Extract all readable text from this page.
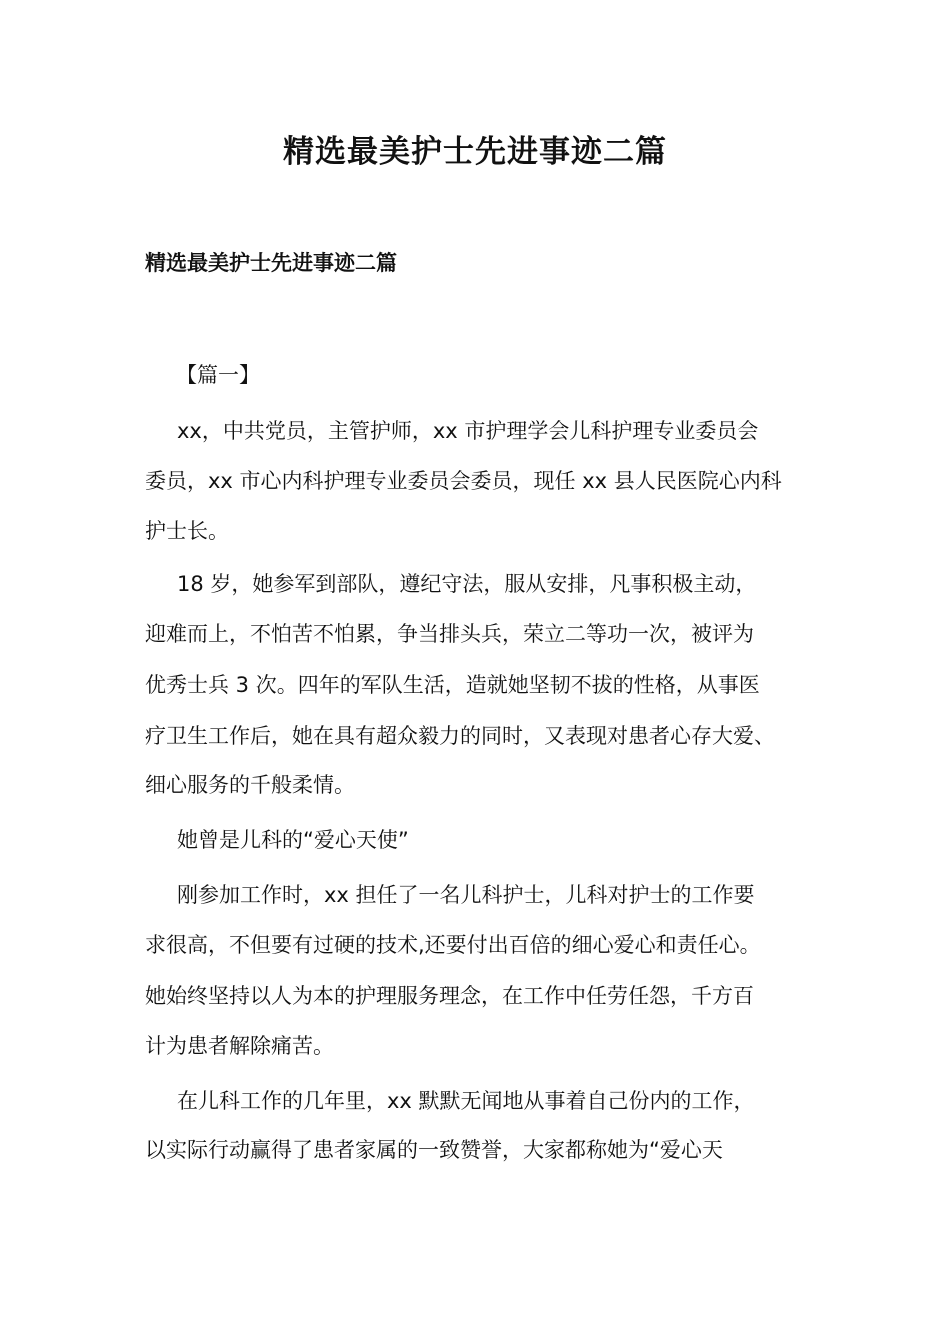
精选最美护士先进事迹二篇
精选最美护士先进事迹二篇

【篇一】

xx，中共党员，主管护师，xx 市护理学会儿科护理专业委员会

委员，xx 市心内科护理专业委员会委员，现任 xx 县人民医院心内科

护士长。

18 岁，她参军到部队，遵纪守法，服从安排，凡事积极主动，

迎难而上，不怕苦不怕累，争当排头兵，荣立二等功一次，被评为

优秀士兵 3 次。四年的军队生活，造就她坚韧不拔的性格，从事医

疗卫生工作后，她在具有超众毅力的同时，又表现对患者心存大爱、

细心服务的千般柔情。

她曾是儿科的“爱心天使”

刚参加工作时，xx 担任了一名儿科护士，儿科对护士的工作要

求很高，不但要有过硬的技术,还要付出百倍的细心爱心和责任心。

她始终坚持以人为本的护理服务理念，在工作中任劳任怨，千方百

计为患者解除痛苦。

在儿科工作的几年里，xx 默默无闻地从事着自己份内的工作，

以实际行动赢得了患者家属的一致赞誉，大家都称她为“爱心天
